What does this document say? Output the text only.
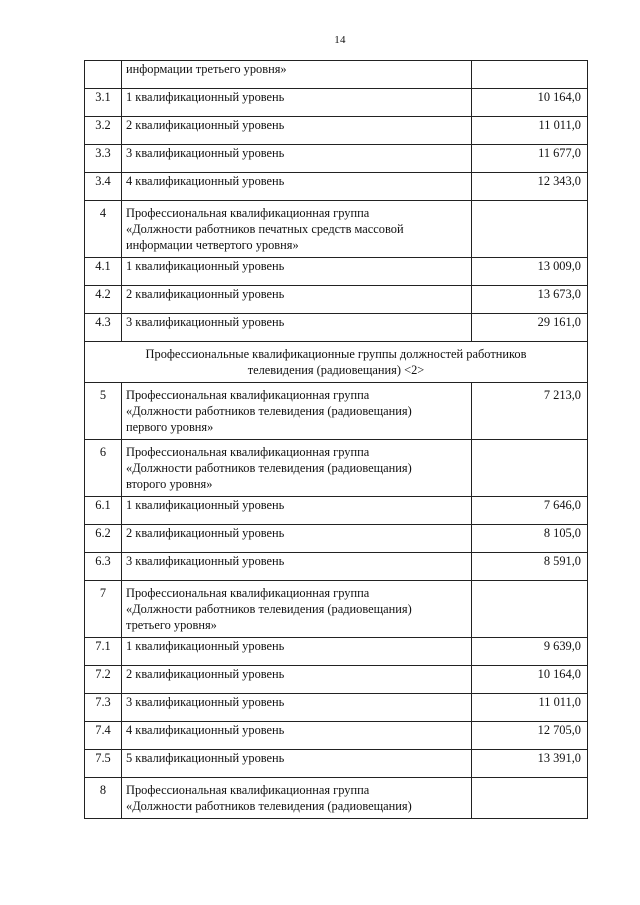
14
	информации третьего уровня»	
3.1	1 квалификационный уровень	10 164,0
3.2	2 квалификационный уровень	11 011,0
3.3	3 квалификационный уровень	11 677,0
3.4	4 квалификационный уровень	12 343,0
4	Профессиональная квалификационная группа
«Должности работников печатных средств массовой
информации четвертого уровня»	

4.1	1 квалификационный уровень	13 009,0
4.2	2 квалификационный уровень	13 673,0
4.3	3 квалификационный уровень	29 161,0

Профессиональные квалификационные группы должностей работников
телевидения (радиовещания) <2>		

5	Профессиональная квалификационная группа
«Должности работников телевидения (радиовещания)
первого уровня»	7 213,0
6	Профессиональная квалификационная группа
«Должности работников телевидения (радиовещания)
второго уровня»	

6.1	1 квалификационный уровень	7 646,0
6.2	2 квалификационный уровень	8 105,0
6.3	3 квалификационный уровень	8 591,0
7	Профессиональная квалификационная группа
«Должности работников телевидения (радиовещания)
третьего уровня»	

7.1	1 квалификационный уровень	9 639,0
7.2	2 квалификационный уровень	10 164,0
7.3	3 квалификационный уровень	11 011,0
7.4	4 квалификационный уровень	12 705,0
7.5	5 квалификационный уровень	13 391,0
8	Профессиональная квалификационная группа
«Должности работников телевидения (радиовещания)	
